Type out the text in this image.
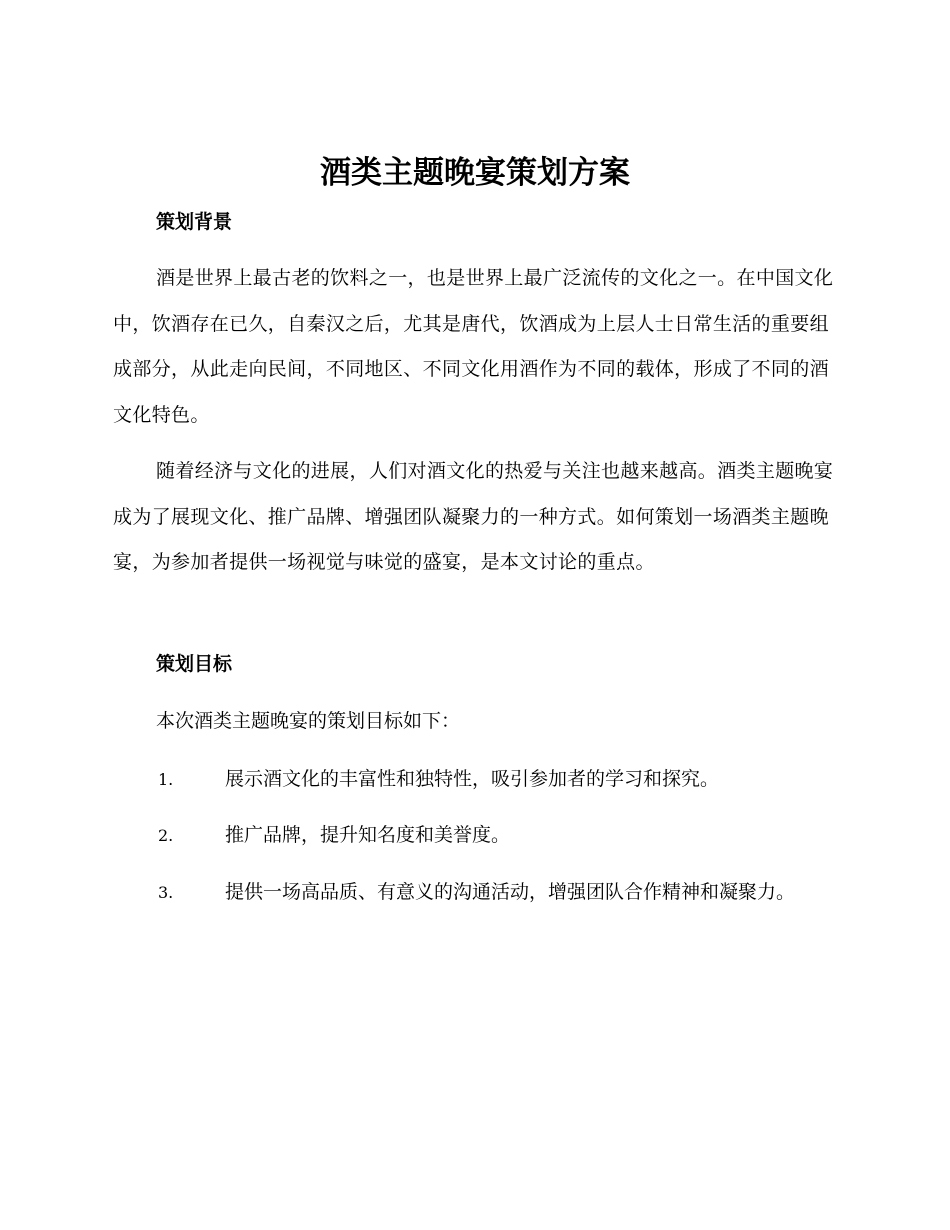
酒类主题晚宴策划方案
策划背景

酒是世界上最古老的饮料之一，也是世界上最广泛流传的文化之一。在中国文化中，饮酒存在已久，自秦汉之后，尤其是唐代，饮酒成为上层人士日常生活的重要组成部分，从此走向民间，不同地区、不同文化用酒作为不同的载体，形成了不同的酒文化特色。

随着经济与文化的进展，人们对酒文化的热爱与关注也越来越高。酒类主题晚宴成为了展现文化、推广品牌、增强团队凝聚力的一种方式。如何策划一场酒类主题晚宴，为参加者提供一场视觉与味觉的盛宴，是本文讨论的重点。

策划目标

本次酒类主题晚宴的策划目标如下：

1.	展示酒文化的丰富性和独特性，吸引参加者的学习和探究。

2.	推广品牌，提升知名度和美誉度。

3.	提供一场高品质、有意义的沟通活动，增强团队合作精神和凝聚力。
